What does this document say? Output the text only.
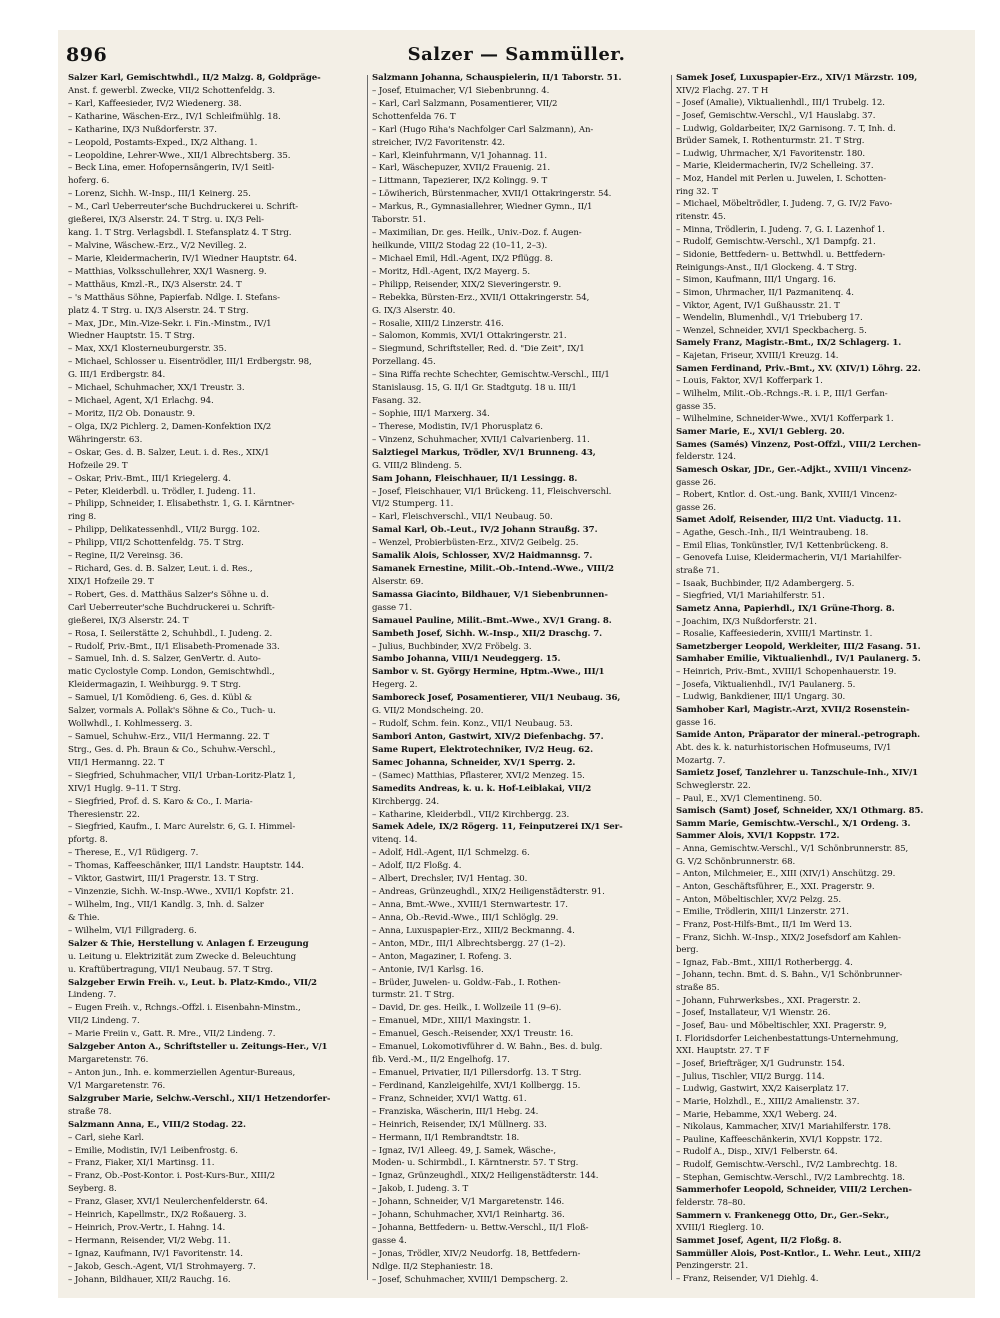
896	Salzer — Sammüller.
Salzer Karl, Gemischtwhdl., II/2 Malzg. 8, Goldpräge-
Anst. f. gewerbl. Zwecke, VII/2 Schottenfeldg. 3.
– Karl, Kaffeesieder, IV/2 Wiedenerg. 38.
– Katharine, Wäschen-Erz., IV/1 Schleifmühlg. 18.
– Katharine, IX/3 Nußdorferstr. 37.
– Leopold, Postamts-Exped., IX/2 Althang. 1.
– Leopoldine, Lehrer-Wwe., XII/1 Albrechtsberg. 35.
– Beck Lina, emer. Hofopernsängerin, IV/1 Seitl-
hoferg. 6.
– Lorenz, Sichh. W.-Insp., III/1 Keinerg. 25.
– M., Carl Ueberreuter'sche Buchdruckerei u. Schrift-
gießerei, IX/3 Alserstr. 24. T Strg. u. IX/3 Peli-
kang. 1. T Strg. Verlagsbdl. I. Stefansplatz 4. T Strg.
– Malvine, Wäschew.-Erz., V/2 Nevilleg. 2.
– Marie, Kleidermacherin, IV/1 Wiedner Hauptstr. 64.
– Matthias, Volksschullehrer, XX/1 Wasnerg. 9.
– Matthäus, Kmzl.-R., IX/3 Alserstr. 24. T
– 's Matthäus Söhne, Papierfab. Ndlge. I. Stefans-
platz 4. T Strg. u. IX/3 Alserstr. 24. T Strg.
– Max, JDr., Min.-Vize-Sekr. i. Fin.-Minstm., IV/1
Wiedner Hauptstr. 15. T Strg.
– Max, XX/1 Klosterneuburgerstr. 35.
– Michael, Schlosser u. Eisentrödler, III/1 Erdbergstr. 98,
G. III/1 Erdbergstr. 84.
– Michael, Schuhmacher, XX/1 Treustr. 3.
– Michael, Agent, X/1 Erlachg. 94.
– Moritz, II/2 Ob. Donaustr. 9.
– Olga, IX/2 Pichlerg. 2, Damen-Konfektion IX/2
Währingerstr. 63.
– Oskar, Ges. d. B. Salzer, Leut. i. d. Res., XIX/1
Hofzeile 29. T
– Oskar, Priv.-Bmt., III/1 Kriegelerg. 4.
– Peter, Kleiderbdl. u. Trödler, I. Judeng. 11.
– Philipp, Schneider, I. Elisabethstr. 1, G. I. Kärntner-
ring 8.
– Philipp, Delikatessenhdl., VII/2 Burgg. 102.
– Philipp, VII/2 Schottenfeldg. 75. T Strg.
– Regine, II/2 Vereinsg. 36.
– Richard, Ges. d. B. Salzer, Leut. i. d. Res.,
XIX/1 Hofzeile 29. T
– Robert, Ges. d. Matthäus Salzer's Söhne u. d.
Carl Ueberreuter'sche Buchdruckerei u. Schrift-
gießerei, IX/3 Alserstr. 24. T
– Rosa, I. Seilerstätte 2, Schuhbdl., I. Judeng. 2.
– Rudolf, Priv.-Bmt., II/1 Elisabeth-Promenade 33.
– Samuel, Inh. d. S. Salzer, GenVertr. d. Auto-
matic Cyclostyle Comp. London, Gemischtwhdl.,
Kleidermagazin, I. Weihburgg. 9. T Strg.
– Samuel, I/1 Komödieng. 6, Ges. d. Kübl &
Salzer, vormals A. Pollak's Söhne & Co., Tuch- u.
Wollwhdl., I. Kohlmesserg. 3.
– Samuel, Schuhw.-Erz., VII/1 Hermanng. 22. T
Strg., Ges. d. Ph. Braun & Co., Schuhw.-Verschl.,
VII/1 Hermanng. 22. T
– Siegfried, Schuhmacher, VII/1 Urban-Loritz-Platz 1,
XIV/1 Huglg. 9–11. T Strg.
– Siegfried, Prof. d. S. Karo & Co., I. Maria-
Theresienstr. 22.
– Siegfried, Kaufm., I. Marc Aurelstr. 6, G. I. Himmel-
pfortg. 8.
– Therese, E., V/1 Rüdigerg. 7.
– Thomas, Kaffeeschänker, III/1 Landstr. Hauptstr. 144.
– Viktor, Gastwirt, III/1 Pragerstr. 13. T Strg.
– Vinzenzie, Sichh. W.-Insp.-Wwe., XVII/1 Kopfstr. 21.
– Wilhelm, Ing., VII/1 Kandlg. 3, Inh. d. Salzer
& Thie.
– Wilhelm, VI/1 Fillgraderg. 6.
Salzer & Thie, Herstellung v. Anlagen f. Erzeugung
u. Leitung u. Elektrizität zum Zwecke d. Beleuchtung
u. Kraftübertragung, VII/1 Neubaug. 57. T Strg.
Salzgeber Erwin Freih. v., Leut. b. Platz-Kmdo., VII/2
Lindeng. 7.
– Eugen Freih. v., Rchngs.-Offzl. i. Eisenbahn-Minstm.,
VII/2 Lindeng. 7.
– Marie Freiin v., Gatt. R. Mre., VII/2 Lindeng. 7.
Salzgeber Anton A., Schriftsteller u. Zeitungs-Her., V/1
Margaretenstr. 76.
– Anton jun., Inh. e. kommerziellen Agentur-Bureaus,
V/1 Margaretenstr. 76.
Salzgruber Marie, Selchw.-Verschl., XII/1 Hetzendorfer-
straße 78.
Salzmann Anna, E., VIII/2 Stodag. 22.
– Carl, siehe Karl.
– Emilie, Modistin, IV/1 Leibenfrostg. 6.
– Franz, Fiaker, XI/1 Martinsg. 11.
– Franz, Ob.-Post-Kontor. i. Post-Kurs-Bur., XIII/2
Seyberg. 8.
– Franz, Glaser, XVI/1 Neulerchenfelderstr. 64.
– Heinrich, Kapellmstr., IX/2 Roßauerg. 3.
– Heinrich, Prov.-Vertr., I. Hahng. 14.
– Hermann, Reisender, VI/2 Webg. 11.
– Ignaz, Kaufmann, IV/1 Favoritenstr. 14.
– Jakob, Gesch.-Agent, VI/1 Strohmayerg. 7.
– Johann, Bildhauer, XII/2 Rauchg. 16.
Salzmann Johanna, Schauspielerin, II/1 Taborstr. 51.
– Josef, Etuimacher, V/1 Siebenbrunng. 4.
– Karl, Carl Salzmann, Posamentierer, VII/2
Schottenfelda 76. T
– Karl (Hugo Riha's Nachfolger Carl Salzmann), An-
streicher, IV/2 Favoritenstr. 42.
– Karl, Kleinfuhrmann, V/1 Johannag. 11.
– Karl, Wäschepuzer, XVII/2 Frauenig. 21.
– Littmann, Tapezierer, IX/2 Kolingg. 9. T
– Löwiherich, Bürstenmacher, XVII/1 Ottakringerstr. 54.
– Markus, R., Gymnasiallehrer, Wiedner Gymn., II/1
Taborstr. 51.
– Maximilian, Dr. ges. Heilk., Univ.-Doz. f. Augen-
heilkunde, VIII/2 Stodag 22 (10–11, 2–3).
– Michael Emil, Hdl.-Agent, IX/2 Pflügg. 8.
– Moritz, Hdl.-Agent, IX/2 Mayerg. 5.
– Philipp, Reisender, XIX/2 Sieveringerstr. 9.
– Rebekka, Bürsten-Erz., XVII/1 Ottakringerstr. 54,
G. IX/3 Alserstr. 40.
– Rosalie, XIII/2 Linzerstr. 416.
– Salomon, Kommis, XVI/1 Ottakringerstr. 21.
– Siegmund, Schriftsteller, Red. d. "Die Zeit", IX/1
Porzellang. 45.
– Sina Riffa rechte Schechter, Gemischtw.-Verschl., III/1
Stanislausg. 15, G. II/1 Gr. Stadtgutg. 18 u. III/1
Fasang. 32.
– Sophie, III/1 Marxerg. 34.
– Therese, Modistin, IV/1 Phorusplatz 6.
– Vinzenz, Schuhmacher, XVII/1 Calvarienberg. 11.
Salztiegel Markus, Trödler, XV/1 Brunneng. 43,
G. VIII/2 Blindeng. 5.
Sam Johann, Fleischhauer, II/1 Lessingg. 8.
– Josef, Fleischhauer, VI/1 Brückeng. 11, Fleischverschl.
VI/2 Stumperg. 11.
– Karl, Fleischverschl., VII/1 Neubaug. 50.
Samal Karl, Ob.-Leut., IV/2 Johann Straußg. 37.
– Wenzel, Probierbüsten-Erz., XIV/2 Geibelg. 25.
Samalik Alois, Schlosser, XV/2 Haidmannsg. 7.
Samanek Ernestine, Milit.-Ob.-Intend.-Wwe., VIII/2
Alserstr. 69.
Samassa Giacinto, Bildhauer, V/1 Siebenbrunnen-
gasse 71.
Samauel Pauline, Milit.-Bmt.-Wwe., XV/1 Grang. 8.
Sambeth Josef, Sichh. W.-Insp., XII/2 Draschg. 7.
– Julius, Buchbinder, XV/2 Fröbelg. 3.
Sambo Johanna, VIII/1 Neudeggerg. 15.
Sambor v. St. György Hermine, Hptm.-Wwe., III/1
Hegerg. 2.
Samboreck Josef, Posamentierer, VII/1 Neubaug. 36,
G. VII/2 Mondscheing. 20.
– Rudolf, Schm. fein. Konz., VII/1 Neubaug. 53.
Sambori Anton, Gastwirt, XIV/2 Diefenbachg. 57.
Same Rupert, Elektrotechniker, IV/2 Heug. 62.
Samec Johanna, Schneider, XV/1 Sperrg. 2.
– (Samec) Matthias, Pflasterer, XVI/2 Menzeg. 15.
Samedits Andreas, k. u. k. Hof-Leiblakai, VII/2
Kirchbergg. 24.
– Katharine, Kleiderbdl., VII/2 Kirchbergg. 23.
Samek Adele, IX/2 Rögerg. 11, Feinputzerei IX/1 Ser-
vitenq. 14.
– Adolf, Hdl.-Agent, II/1 Schmelzg. 6.
– Adolf, II/2 Floßg. 4.
– Albert, Drechsler, IV/1 Hentag. 30.
– Andreas, Grünzeughdl., XIX/2 Heiligenstädterstr. 91.
– Anna, Bmt.-Wwe., XVIII/1 Sternwartestr. 17.
– Anna, Ob.-Revid.-Wwe., III/1 Schlöglg. 29.
– Anna, Luxuspapier-Erz., XIII/2 Beckmanng. 4.
– Anton, MDr., III/1 Albrechtsbergg. 27 (1–2).
– Anton, Magaziner, I. Rofeng. 3.
– Antonie, IV/1 Karlsg. 16.
– Brüder, Juwelen- u. Goldw.-Fab., I. Rothen-
turmstr. 21. T Strg.
– David, Dr. ges. Heilk., I. Wollzeile 11 (9–6).
– Emanuel, MDr., XIII/1 Maxingstr. 1.
– Emanuel, Gesch.-Reisender, XX/1 Treustr. 16.
– Emanuel, Lokomotivführer d. W. Bahn., Bes. d. bulg.
fib. Verd.-M., II/2 Engelhofg. 17.
– Emanuel, Privatier, II/1 Pillersdorfg. 13. T Strg.
– Ferdinand, Kanzleigehilfe, XVI/1 Kollbergg. 15.
– Franz, Schneider, XVI/1 Wattg. 61.
– Franziska, Wäscherin, III/1 Hebg. 24.
– Heinrich, Reisender, IX/1 Müllnerg. 33.
– Hermann, II/1 Rembrandtstr. 18.
– Ignaz, IV/1 Alleeg. 49, J. Samek, Wäsche-,
Moden- u. Schirmbdl., I. Kärntnerstr. 57. T Strg.
– Ignaz, Grünzeughdl., XIX/2 Heiligenstädterstr. 144.
– Jakob, I. Judeng. 3. T
– Johann, Schneider, V/1 Margaretenstr. 146.
– Johann, Schuhmacher, XVI/1 Reinhartg. 36.
– Johanna, Bettfedern- u. Bettw.-Verschl., II/1 Floß-
gasse 4.
– Jonas, Trödler, XIV/2 Neudorfg. 18, Bettfedern-
Ndlge. II/2 Stephaniestr. 18.
– Josef, Schuhmacher, XVIII/1 Dempscherg. 2.
Samek Josef, Luxuspapier-Erz., XIV/1 Märzstr. 109,
XIV/2 Flachg. 27. T H
– Josef (Amalie), Viktualienhdl., III/1 Trubelg. 12.
– Josef, Gemischtw.-Verschl., V/1 Hauslabg. 37.
– Ludwig, Goldarbeiter, IX/2 Garnisong. 7. T, Inh. d.
Brüder Samek, I. Rothenturmstr. 21. T Strg.
– Ludwig, Uhrmacher, X/1 Favoritenstr. 180.
– Marie, Kleidermacherin, IV/2 Schelleing. 37.
– Moz, Handel mit Perlen u. Juwelen, I. Schotten-
ring 32. T
– Michael, Möbeltrödler, I. Judeng. 7, G. IV/2 Favo-
ritenstr. 45.
– Minna, Trödlerin, I. Judeng. 7, G. I. Lazenhof 1.
– Rudolf, Gemischtw.-Verschl., X/1 Dampfg. 21.
– Sidonie, Bettfedern- u. Bettwhdl. u. Bettfedern-
Reinigungs-Anst., II/1 Glockeng. 4. T Strg.
– Simon, Kaufmann, III/1 Ungarg. 16.
– Simon, Uhrmacher, II/1 Pazmanitenq. 4.
– Viktor, Agent, IV/1 Gußhausstr. 21. T
– Wendelin, Blumenhdl., V/1 Triebuberg 17.
– Wenzel, Schneider, XVI/1 Speckbacherg. 5.
Samely Franz, Magistr.-Bmt., IX/2 Schlagerg. 1.
– Kajetan, Friseur, XVIII/1 Kreuzg. 14.
Samen Ferdinand, Priv.-Bmt., XV. (XIV/1) Löhrg. 22.
– Louis, Faktor, XV/1 Kofferpark 1.
– Wilhelm, Milit.-Ob.-Rchngs.-R. i. P., III/1 Gerfan-
gasse 35.
– Wilhelmine, Schneider-Wwe., XVI/1 Kofferpark 1.
Samer Marie, E., XVI/1 Geblerg. 20.
Sames (Samés) Vinzenz, Post-Offzl., VIII/2 Lerchen-
felderstr. 124.
Samesch Oskar, JDr., Ger.-Adjkt., XVIII/1 Vincenz-
gasse 26.
– Robert, Kntlor. d. Öst.-ung. Bank, XVIII/1 Vincenz-
gasse 26.
Samet Adolf, Reisender, III/2 Unt. Viaductg. 11.
– Agathe, Gesch.-Inh., II/1 Weintraubeng. 18.
– Emil Elias, Tonkünstler, IV/1 Kettenbrückeng. 8.
– Genovefa Luise, Kleidermacherin, VI/1 Mariahilfer-
straße 71.
– Isaak, Buchbinder, II/2 Adambergerg. 5.
– Siegfried, VI/1 Mariahilferstr. 51.
Sametz Anna, Papierhdl., IX/1 Grüne-Thorg. 8.
– Joachim, IX/3 Nußdorferstr. 21.
– Rosalie, Kaffeesiederin, XVIII/1 Martinstr. 1.
Sametzberger Leopold, Werkleiter, III/2 Fasang. 51.
Samhaber Emilie, Viktualienhdl., IV/1 Paulanerg. 5.
– Heinrich, Priv.-Bmt., XVIII/1 Schopenhauerstr. 19.
– Josefa, Viktualienhdl., IV/1 Paulanerg. 5.
– Ludwig, Bankdiener, III/1 Ungarg. 30.
Samhober Karl, Magistr.-Arzt, XVII/2 Rosenstein-
gasse 16.
Samide Anton, Präparator der mineral.-petrograph.
Abt. des k. k. naturhistorischen Hofmuseums, IV/1
Mozartg. 7.
Samietz Josef, Tanzlehrer u. Tanzschule-Inh., XIV/1
Schweglerstr. 22.
– Paul, E., XV/1 Clementineng. 50.
Samisch (Samt) Josef, Schneider, XX/1 Othmarg. 85.
Samm Marie, Gemischtw.-Verschl., X/1 Ordeng. 3.
Sammer Alois, XVI/1 Koppstr. 172.
– Anna, Gemischtw.-Verschl., V/1 Schönbrunnerstr. 85,
G. V/2 Schönbrunnerstr. 68.
– Anton, Milchmeier, E., XIII (XIV/1) Anschützg. 29.
– Anton, Geschäftsführer, E., XXI. Pragerstr. 9.
– Anton, Möbeltischler, XV/2 Pelzg. 25.
– Emilie, Trödlerin, XIII/1 Linzerstr. 271.
– Franz, Post-Hilfs-Bmt., II/1 Im Werd 13.
– Franz, Sichh. W.-Insp., XIX/2 Josefsdorf am Kahlen-
berg.
– Ignaz, Fab.-Bmt., XIII/1 Rotherbergg. 4.
– Johann, techn. Bmt. d. S. Bahn., V/1 Schönbrunner-
straße 85.
– Johann, Fuhrwerksbes., XXI. Pragerstr. 2.
– Josef, Installateur, V/1 Wienstr. 26.
– Josef, Bau- und Möbeltischler, XXI. Pragerstr. 9,
I. Floridsdorfer Leichenbestattungs-Unternehmung,
XXI. Hauptstr. 27. T F
– Josef, Briefträger, X/1 Gudrunstr. 154.
– Julius, Tischler, VII/2 Burgg. 114.
– Ludwig, Gastwirt, XX/2 Kaiserplatz 17.
– Marie, Holzhdl., E., XIII/2 Amalienstr. 37.
– Marie, Hebamme, XX/1 Weberg. 24.
– Nikolaus, Kammacher, XIV/1 Mariahilferstr. 178.
– Pauline, Kaffeeschänkerin, XVI/1 Koppstr. 172.
– Rudolf A., Disp., XIV/1 Felberstr. 64.
– Rudolf, Gemischtw.-Verschl., IV/2 Lambrechtg. 18.
– Stephan, Gemischtw.-Verschl., IV/2 Lambrechtg. 18.
Sammerhofer Leopold, Schneider, VIII/2 Lerchen-
felderstr. 78–80.
Sammern v. Frankenegg Otto, Dr., Ger.-Sekr.,
XVIII/1 Rieglerg. 10.
Sammet Josef, Agent, II/2 Floßg. 8.
Sammüller Alois, Post-Kntlor., L. Wehr. Leut., XIII/2
Penzingerstr. 21.
– Franz, Reisender, V/1 Diehlg. 4.
